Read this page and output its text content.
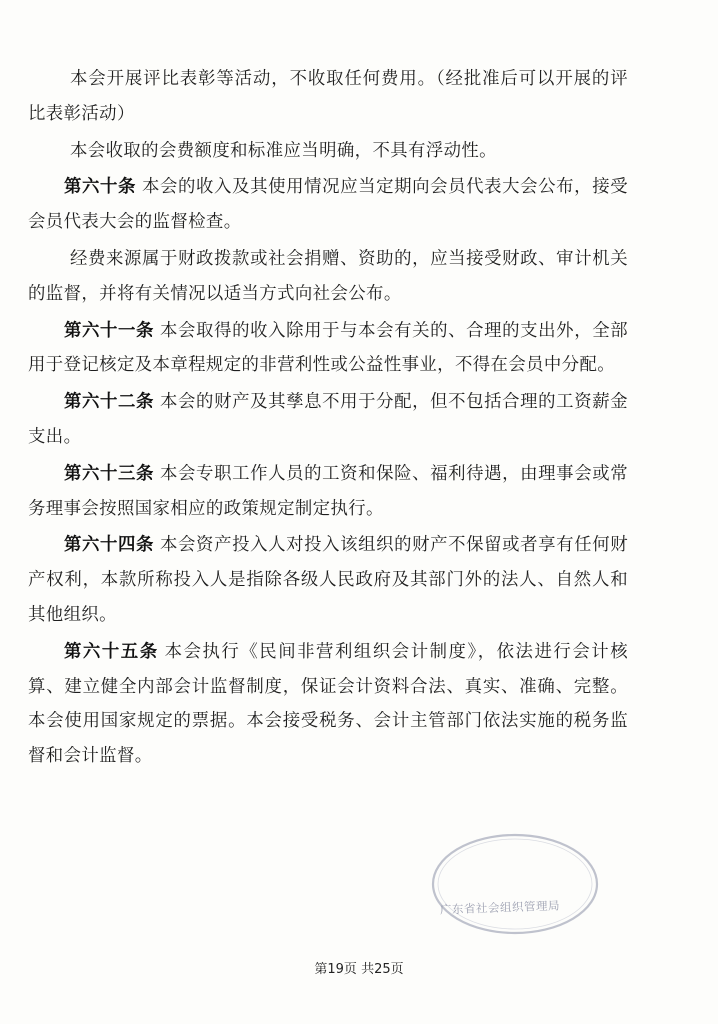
本会开展评比表彰等活动，不收取任何费用。（经批准后可以开展的评比表彰活动）

本会收取的会费额度和标准应当明确，不具有浮动性。

第六十条 本会的收入及其使用情况应当定期向会员代表大会公布，接受会员代表大会的监督检查。

经费来源属于财政拨款或社会捐赠、资助的，应当接受财政、审计机关的监督，并将有关情况以适当方式向社会公布。

第六十一条 本会取得的收入除用于与本会有关的、合理的支出外，全部用于登记核定及本章程规定的非营利性或公益性事业，不得在会员中分配。

第六十二条 本会的财产及其孳息不用于分配，但不包括合理的工资薪金支出。

第六十三条 本会专职工作人员的工资和保险、福利待遇，由理事会或常务理事会按照国家相应的政策规定制定执行。

第六十四条 本会资产投入人对投入该组织的财产不保留或者享有任何财产权利，本款所称投入人是指除各级人民政府及其部门外的法人、自然人和其他组织。

第六十五条 本会执行《民间非营利组织会计制度》，依法进行会计核算、建立健全内部会计监督制度，保证会计资料合法、真实、准确、完整。本会使用国家规定的票据。本会接受税务、会计主管部门依法实施的税务监督和会计监督。

广东省社会组织管理局
第19页 共25页
